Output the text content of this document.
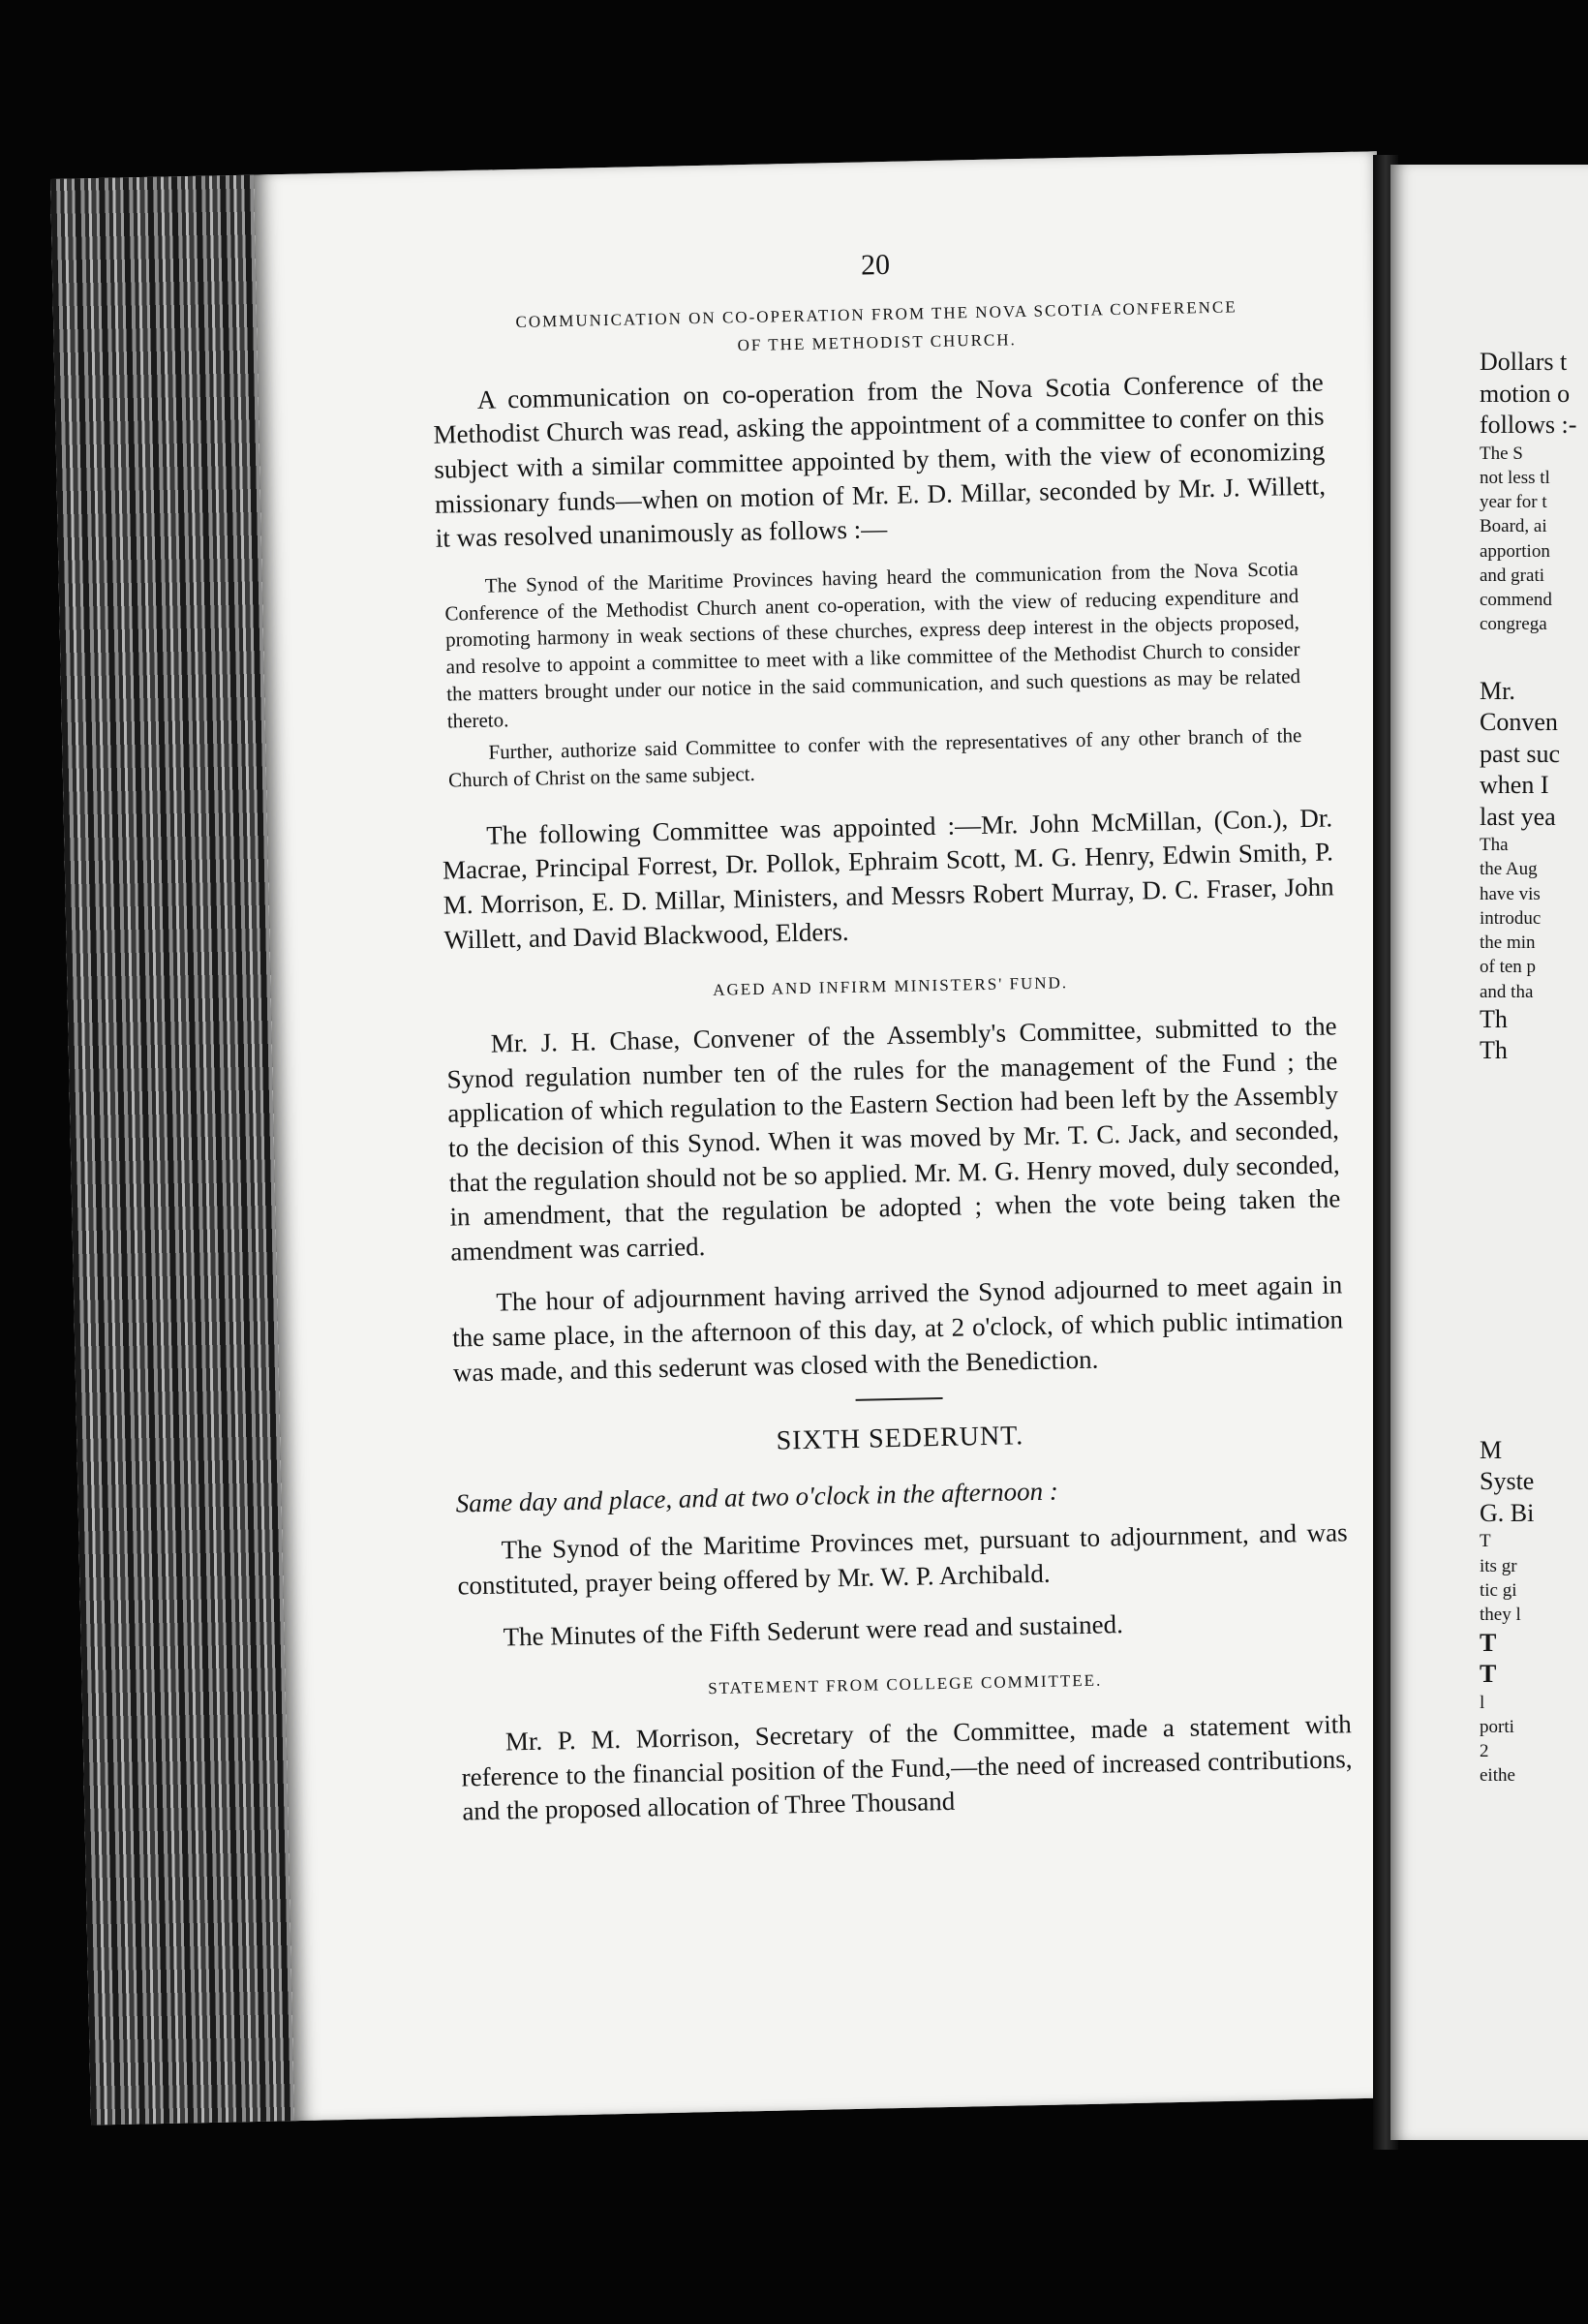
20
COMMUNICATION ON CO-OPERATION FROM THE NOVA SCOTIA CONFERENCE
OF THE METHODIST CHURCH.

A communication on co-operation from the Nova Scotia Conference of the Methodist Church was read, asking the appointment of a committee to confer on this subject with a similar committee appointed by them, with the view of economizing missionary funds—when on motion of Mr. E. D. Millar, seconded by Mr. J. Willett, it was resolved unanimously as follows :—

The Synod of the Maritime Provinces having heard the communication from the Nova Scotia Conference of the Methodist Church anent co-operation, with the view of reducing expenditure and promoting harmony in weak sections of these churches, express deep interest in the objects proposed, and resolve to appoint a committee to meet with a like committee of the Methodist Church to consider the matters brought under our notice in the said communication, and such questions as may be related thereto.

Further, authorize said Committee to confer with the representatives of any other branch of the Church of Christ on the same subject.

The following Committee was appointed :—Mr. John McMillan, (Con.), Dr. Macrae, Principal Forrest, Dr. Pollok, Ephraim Scott, M. G. Henry, Edwin Smith, P. M. Morrison, E. D. Millar, Ministers, and Messrs Robert Murray, D. C. Fraser, John Willett, and David Blackwood, Elders.

AGED AND INFIRM MINISTERS' FUND.

Mr. J. H. Chase, Convener of the Assembly's Committee, submitted to the Synod regulation number ten of the rules for the management of the Fund ; the application of which regulation to the Eastern Section had been left by the Assembly to the decision of this Synod. When it was moved by Mr. T. C. Jack, and seconded, that the regulation should not be so applied. Mr. M. G. Henry moved, duly seconded, in amendment, that the regulation be adopted ; when the vote being taken the amendment was carried.

The hour of adjournment having arrived the Synod adjourned to meet again in the same place, in the afternoon of this day, at 2 o'clock, of which public intimation was made, and this sederunt was closed with the Benediction.

SIXTH SEDERUNT.
Same day and place, and at two o'clock in the afternoon :

The Synod of the Maritime Provinces met, pursuant to adjournment, and was constituted, prayer being offered by Mr. W. P. Archibald.

The Minutes of the Fifth Sederunt were read and sustained.

STATEMENT FROM COLLEGE COMMITTEE.

Mr. P. M. Morrison, Secretary of the Committee, made a statement with reference to the financial position of the Fund,—the need of increased contributions, and the proposed allocation of Three Thousand

Dollars t
motion o
follows :-
The S
not less tl
year for t
Board, ai
apportion
and grati
commend
congrega
Mr.
Conven
past suc
when I
last yea
Tha
the Aug
have vis
introduc
the min
of ten p
and tha
Th
Th
M
Syste
G. Bi
T
its gr
tic gi
they l
T
T
l
porti
2
eithe
